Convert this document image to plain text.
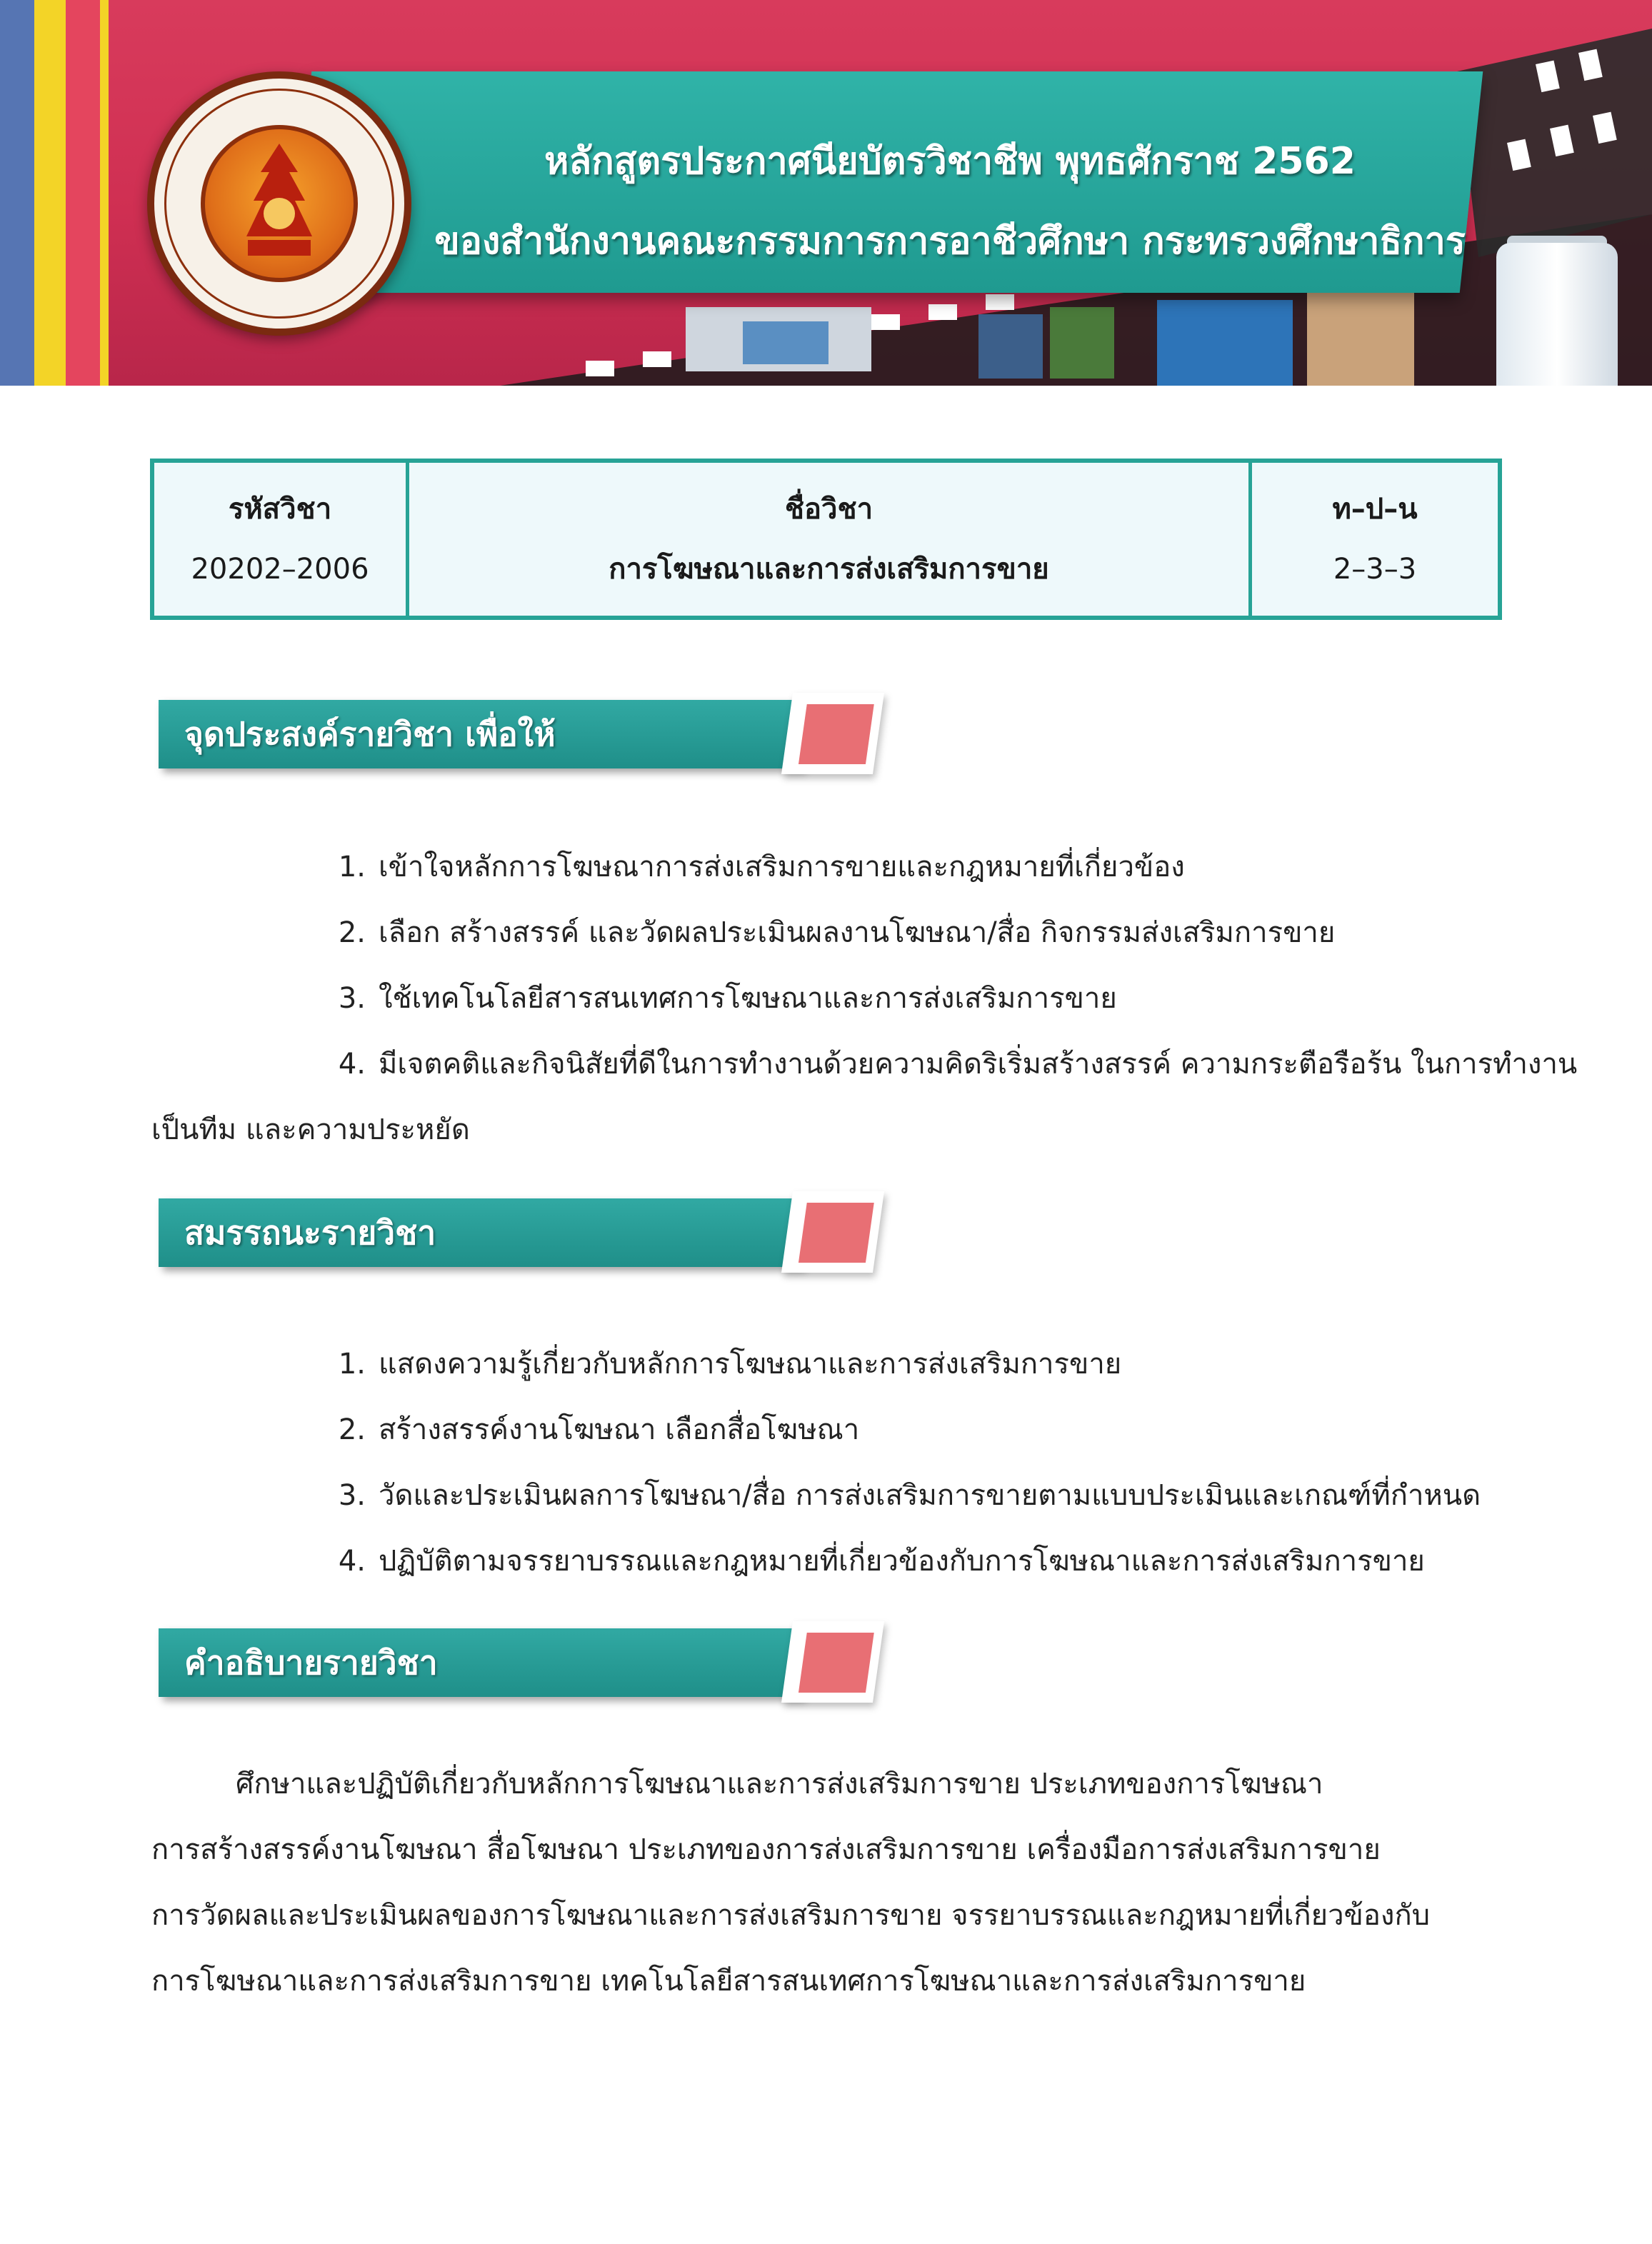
หลักสูตรประกาศนียบัตรวิชาชีพ พุทธศักราช 2562
ของสำนักงานคณะกรรมการการอาชีวศึกษา กระทรวงศึกษาธิการ
รหัสวิชา
20202–2006
ชื่อวิชา
การโฆษณาและการส่งเสริมการขาย
ท–ป–น
2–3–3
จุดประสงค์รายวิชา เพื่อให้
1. เข้าใจหลักการโฆษณาการส่งเสริมการขายและกฎหมายที่เกี่ยวข้อง
2. เลือก สร้างสรรค์ และวัดผลประเมินผลงานโฆษณา/สื่อ กิจกรรมส่งเสริมการขาย
3. ใช้เทคโนโลยีสารสนเทศการโฆษณาและการส่งเสริมการขาย
4. มีเจตคติและกิจนิสัยที่ดีในการทำงานด้วยความคิดริเริ่มสร้างสรรค์ ความกระตือรือร้น ในการทำงาน
เป็นทีม และความประหยัด
สมรรถนะรายวิชา
1. แสดงความรู้เกี่ยวกับหลักการโฆษณาและการส่งเสริมการขาย
2. สร้างสรรค์งานโฆษณา เลือกสื่อโฆษณา
3. วัดและประเมินผลการโฆษณา/สื่อ การส่งเสริมการขายตามแบบประเมินและเกณฑ์ที่กำหนด
4. ปฏิบัติตามจรรยาบรรณและกฎหมายที่เกี่ยวข้องกับการโฆษณาและการส่งเสริมการขาย
คำอธิบายรายวิชา
ศึกษาและปฏิบัติเกี่ยวกับหลักการโฆษณาและการส่งเสริมการขาย ประเภทของการโฆษณา
การสร้างสรรค์งานโฆษณา สื่อโฆษณา ประเภทของการส่งเสริมการขาย เครื่องมือการส่งเสริมการขาย
การวัดผลและประเมินผลของการโฆษณาและการส่งเสริมการขาย จรรยาบรรณและกฎหมายที่เกี่ยวข้องกับ
การโฆษณาและการส่งเสริมการขาย เทคโนโลยีสารสนเทศการโฆษณาและการส่งเสริมการขาย
